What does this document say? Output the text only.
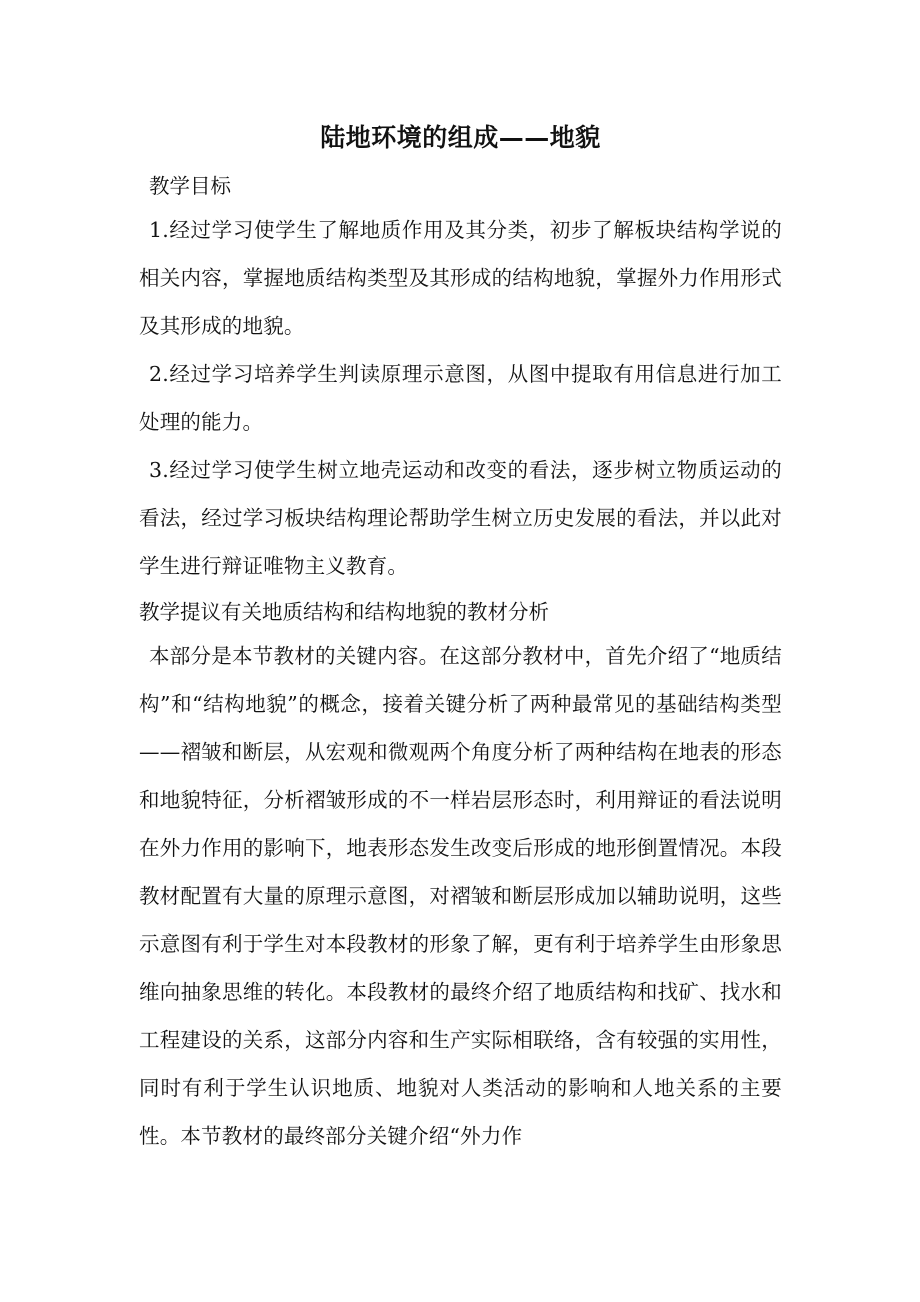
陆地环境的组成——地貌

教学目标

1.经过学习使学生了解地质作用及其分类，初步了解板块结构学说的相关内容，掌握地质结构类型及其形成的结构地貌，掌握外力作用形式及其形成的地貌。

2.经过学习培养学生判读原理示意图，从图中提取有用信息进行加工处理的能力。

3.经过学习使学生树立地壳运动和改变的看法，逐步树立物质运动的看法，经过学习板块结构理论帮助学生树立历史发展的看法，并以此对学生进行辩证唯物主义教育。

教学提议有关地质结构和结构地貌的教材分析

本部分是本节教材的关键内容。在这部分教材中，首先介绍了“地质结构”和“结构地貌”的概念，接着关键分析了两种最常见的基础结构类型——褶皱和断层，从宏观和微观两个角度分析了两种结构在地表的形态和地貌特征，分析褶皱形成的不一样岩层形态时，利用辩证的看法说明在外力作用的影响下，地表形态发生改变后形成的地形倒置情况。本段教材配置有大量的原理示意图，对褶皱和断层形成加以辅助说明，这些示意图有利于学生对本段教材的形象了解，更有利于培养学生由形象思维向抽象思维的转化。本段教材的最终介绍了地质结构和找矿、找水和工程建设的关系，这部分内容和生产实际相联络，含有较强的实用性，同时有利于学生认识地质、地貌对人类活动的影响和人地关系的主要性。本节教材的最终部分关键介绍“外力作
